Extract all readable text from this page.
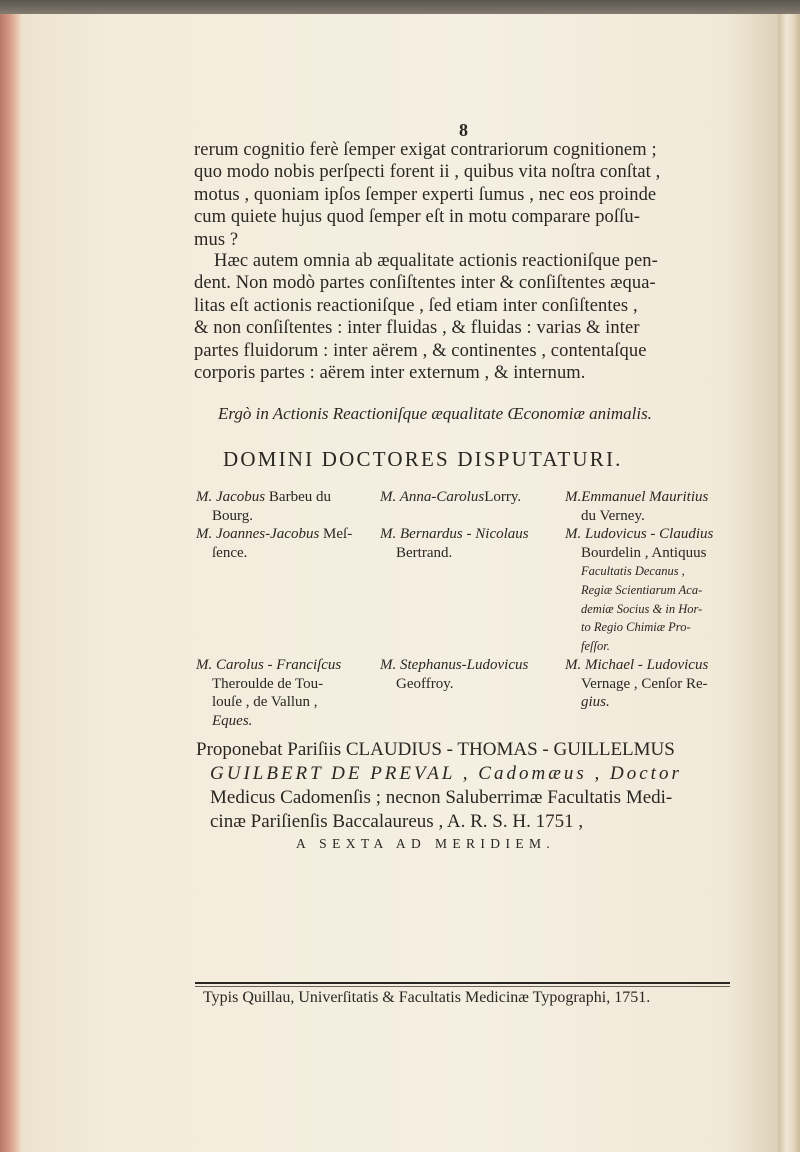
8
rerum cognitio ferè ſemper exigat contrariorum cognitionem ;
quo modo nobis perſpecti forent ii , quibus vita noſtra conſtat ,
motus , quoniam ipſos ſemper experti ſumus , nec eos proinde
cum quiete hujus quod ſemper eſt in motu comparare poſſu-
mus ?
Hæc autem omnia ab æqualitate actionis reactioniſque pen-
dent. Non modò partes conſiſtentes inter & conſiſtentes æqua-
litas eſt actionis reactioniſque , ſed etiam inter conſiſtentes ,
& non conſiſtentes : inter fluidas , & fluidas : varias & inter
partes fluidorum : inter aërem , & continentes , contentaſque
corporis partes : aërem inter externum , & internum.
Ergò in Actionis Reactioniſque æqualitate Œconomiæ animalis.
DOMINI DOCTORES DISPUTATURI.
M. Jacobus Barbeu du
Bourg.
M. Joannes-Jacobus Meſ-
ſence.
M. Anna-CarolusLorry.

M. Bernardus - Nicolaus
Bertrand.
M.Emmanuel Mauritius
du Verney.
M. Ludovicus - Claudius
Bourdelin , Antiquus
Facultatis Decanus ,
Regiæ Scientiarum Aca-
demiæ Socius & in Hor-
to Regio Chimiæ Pro-
feſſor.
M. Carolus - Franciſcus
Theroulde de Tou-
louſe , de Vallun ,
Eques.
M. Stephanus-Ludovicus
Geoffroy.
M. Michael - Ludovicus
Vernage , Cenſor Re-
gius.
Proponebat Pariſiis CLAUDIUS - THOMAS - GUILLELMUS
GUILBERT DE PREVAL , Cadomæus , Doctor
Medicus Cadomenſis ; necnon Saluberrimæ Facultatis Medi-
cinæ Pariſienſis Baccalaureus , A. R. S. H. 1751 ,
A SEXTA AD MERIDIEM.
Typis Quillau, Univerſitatis & Facultatis Medicinæ Typographi, 1751.
